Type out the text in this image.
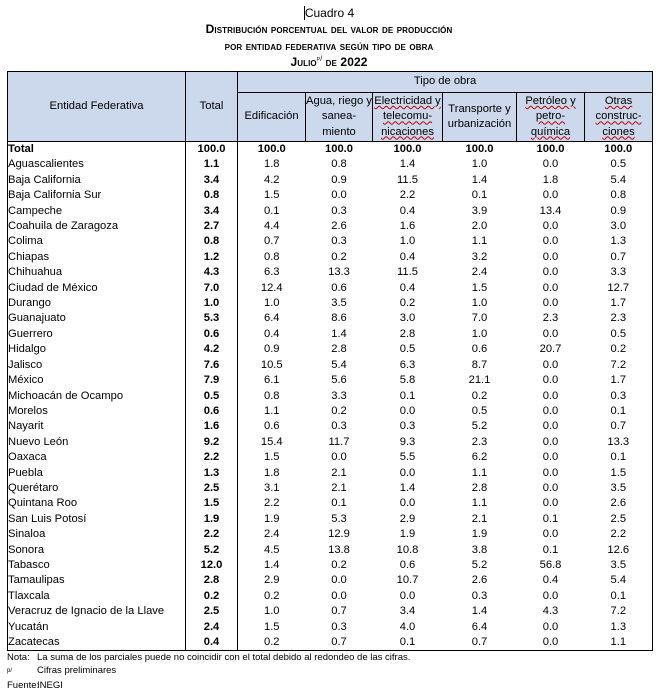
Cuadro 4
Distribución porcentual del valor de producción
por entidad federativa según tipo de obra
Julio$^{p/}$ de 2022
Entidad Federativa	Total	Tipo de obra					
		Edificación	Agua, riego y sanea- miento	Electricidad y telecomu- nicaciones	Transporte y urbanización	Petróleo y petro- química	Otras construc- ciones
Total	100.0	100.0	100.0	100.0	100.0	100.0	100.0
Aguascalientes	1.1	1.8	0.8	1.4	1.0	0.0	0.5
Baja California	3.4	4.2	0.9	11.5	1.4	1.8	5.4
Baja California Sur	0.8	1.5	0.0	2.2	0.1	0.0	0.8
Campeche	3.4	0.1	0.3	0.4	3.9	13.4	0.9
Coahuila de Zaragoza	2.7	4.4	2.6	1.6	2.0	0.0	3.0
Colima	0.8	0.7	0.3	1.0	1.1	0.0	1.3
Chiapas	1.2	0.8	0.2	0.4	3.2	0.0	0.7
Chihuahua	4.3	6.3	13.3	11.5	2.4	0.0	3.3
Ciudad de México	7.0	12.4	0.6	0.4	1.5	0.0	12.7
Durango	1.0	1.0	3.5	0.2	1.0	0.0	1.7
Guanajuato	5.3	6.4	8.6	3.0	7.0	2.3	2.3
Guerrero	0.6	0.4	1.4	2.8	1.0	0.0	0.5
Hidalgo	4.2	0.9	2.8	0.5	0.6	20.7	0.2
Jalisco	7.6	10.5	5.4	6.3	8.7	0.0	7.2
México	7.9	6.1	5.6	5.8	21.1	0.0	1.7
Michoacán de Ocampo	0.5	0.8	3.3	0.1	0.2	0.0	0.3
Morelos	0.6	1.1	0.2	0.0	0.5	0.0	0.1
Nayarit	1.6	0.6	0.3	0.3	5.2	0.0	0.7
Nuevo León	9.2	15.4	11.7	9.3	2.3	0.0	13.3
Oaxaca	2.2	1.5	0.0	5.5	6.2	0.0	0.1
Puebla	1.3	1.8	2.1	0.0	1.1	0.0	1.5
Querétaro	2.5	3.1	2.1	1.4	2.8	0.0	3.5
Quintana Roo	1.5	2.2	0.1	0.0	1.1	0.0	2.6
San Luis Potosí	1.9	1.9	5.3	2.9	2.1	0.1	2.5
Sinaloa	2.2	2.4	12.9	1.9	1.9	0.0	2.2
Sonora	5.2	4.5	13.8	10.8	3.8	0.1	12.6
Tabasco	12.0	1.4	0.2	0.6	5.2	56.8	3.5
Tamaulipas	2.8	2.9	0.0	10.7	2.6	0.4	5.4
Tlaxcala	0.2	0.2	0.0	0.0	0.3	0.0	0.1
Veracruz de Ignacio de la Llave	2.5	1.0	0.7	3.4	1.4	4.3	7.2
Yucatán	2.4	1.5	0.3	4.0	6.4	0.0	1.3
Zacatecas	0.4	0.2	0.7	0.1	0.7	0.0	1.1
Nota: La suma de los parciales puede no coincidir con el total debido al redondeo de las cifras.
$^{p/}$	Cifras preliminares
Fuente:
INEGI
